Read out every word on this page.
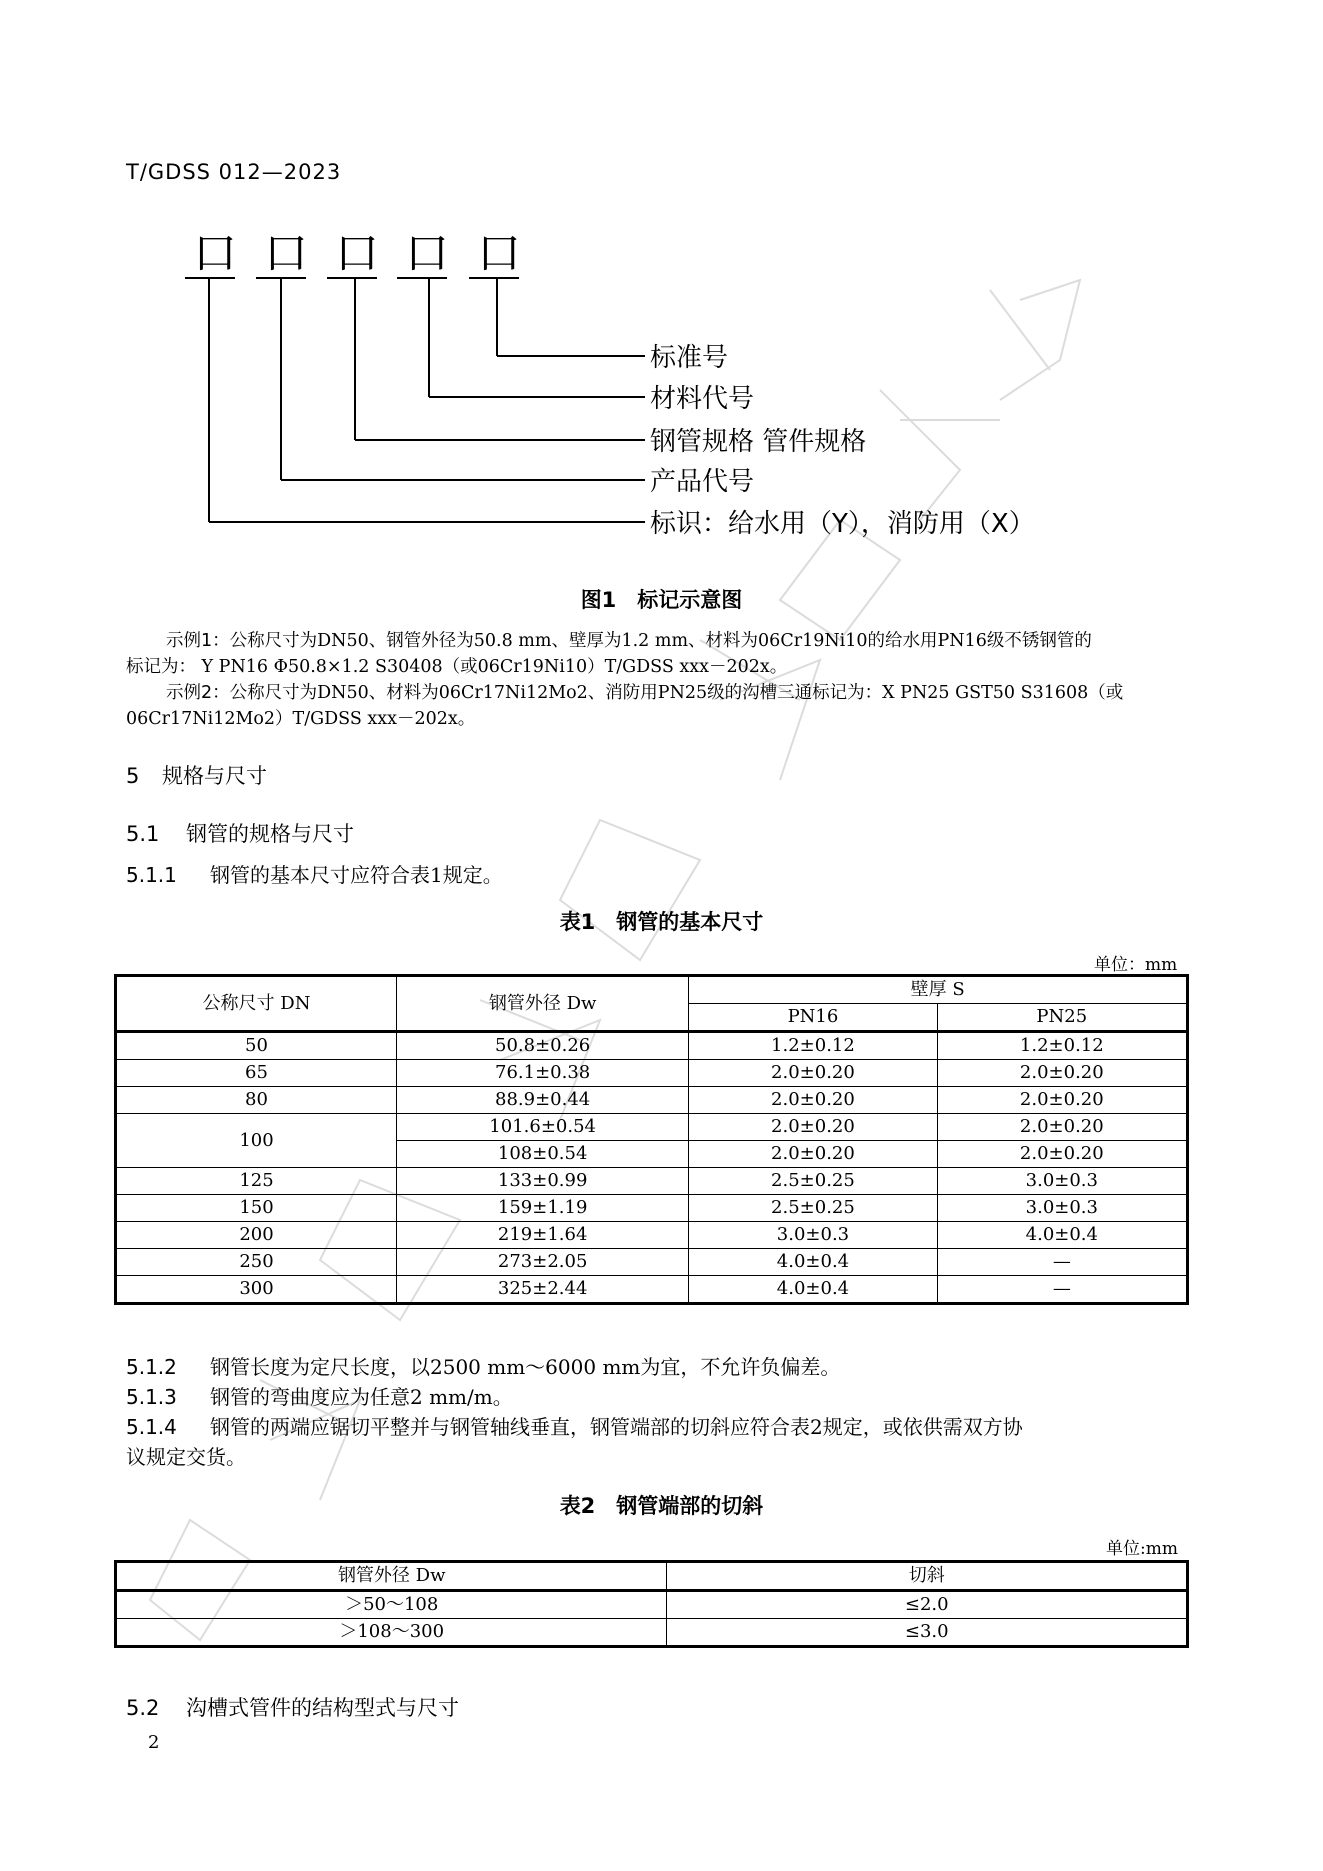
T/GDSS 012—2023
口 口 口 口 口
标准号
材料代号
钢管规格 管件规格
产品代号
标识：给水用（Y），消防用（X）
图1　标记示意图
示例1：公称尺寸为DN50、钢管外径为50.8 mm、壁厚为1.2 mm、材料为06Cr19Ni10的给水用PN16级不锈钢管的
标记为： Y PN16 Φ50.8×1.2 S30408（或06Cr19Ni10）T/GDSS xxx－202x。
示例2：公称尺寸为DN50、材料为06Cr17Ni12Mo2、消防用PN25级的沟槽三通标记为：X PN25 GST50 S31608（或
06Cr17Ni12Mo2）T/GDSS xxx－202x。
5 规格与尺寸
5.1 钢管的规格与尺寸
5.1.1 钢管的基本尺寸应符合表1规定。
表1　钢管的基本尺寸
单位：mm
公称尺寸 DN	钢管外径 Dw	壁厚 S	
		PN16	PN25
50	50.8±0.26	1.2±0.12	1.2±0.12
65	76.1±0.38	2.0±0.20	2.0±0.20
80	88.9±0.44	2.0±0.20	2.0±0.20
100	101.6±0.54	2.0±0.20	2.0±0.20
	108±0.54	2.0±0.20	2.0±0.20
125	133±0.99	2.5±0.25	3.0±0.3
150	159±1.19	2.5±0.25	3.0±0.3
200	219±1.64	3.0±0.3	4.0±0.4
250	273±2.05	4.0±0.4	—
300	325±2.44	4.0±0.4	—
5.1.2 钢管长度为定尺长度，以2500 mm～6000 mm为宜，不允许负偏差。
5.1.3 钢管的弯曲度应为任意2 mm/m。
5.1.4 钢管的两端应锯切平整并与钢管轴线垂直，钢管端部的切斜应符合表2规定，或依供需双方协
议规定交货。
表2　钢管端部的切斜
单位:mm
钢管外径 Dw	切斜
＞50～108	≤2.0
＞108～300	≤3.0
5.2 沟槽式管件的结构型式与尺寸
2
